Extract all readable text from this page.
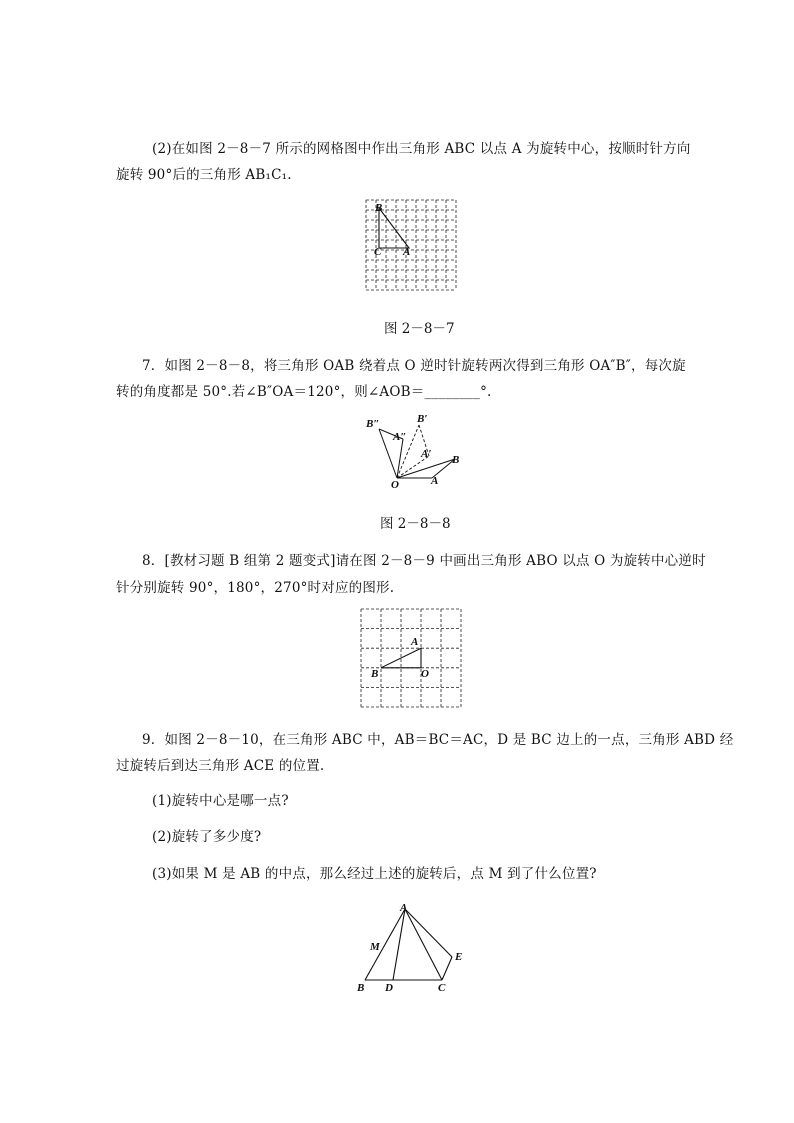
(2)在如图 2－8－7 所示的网格图中作出三角形 ABC 以点 A 为旋转中心，按顺时针方向
旋转 90°后的三角形 AB₁C₁.
B
C A
图 2－8－7
7．如图 2－8－8，将三角形 OAB 绕着点 O 逆时针旋转两次得到三角形 OA″B″，每次旋
转的角度都是 50°.若∠B″OA＝120°，则∠AOB＝________°.
B″
A″
B′
A′ B
O	A
图 2－8－8
8．[教材习题 B 组第 2 题变式]请在图 2－8－9 中画出三角形 ABO 以点 O 为旋转中心逆时
针分别旋转 90°，180°，270°时对应的图形.
A
B	O
9．如图 2－8－10，在三角形 ABC 中，AB＝BC＝AC，D 是 BC 边上的一点，三角形 ABD 经
过旋转后到达三角形 ACE 的位置.
(1)旋转中心是哪一点?
(2)旋转了多少度?
(3)如果 M 是 AB 的中点，那么经过上述的旋转后，点 M 到了什么位置?
A
M
E
B D	C
